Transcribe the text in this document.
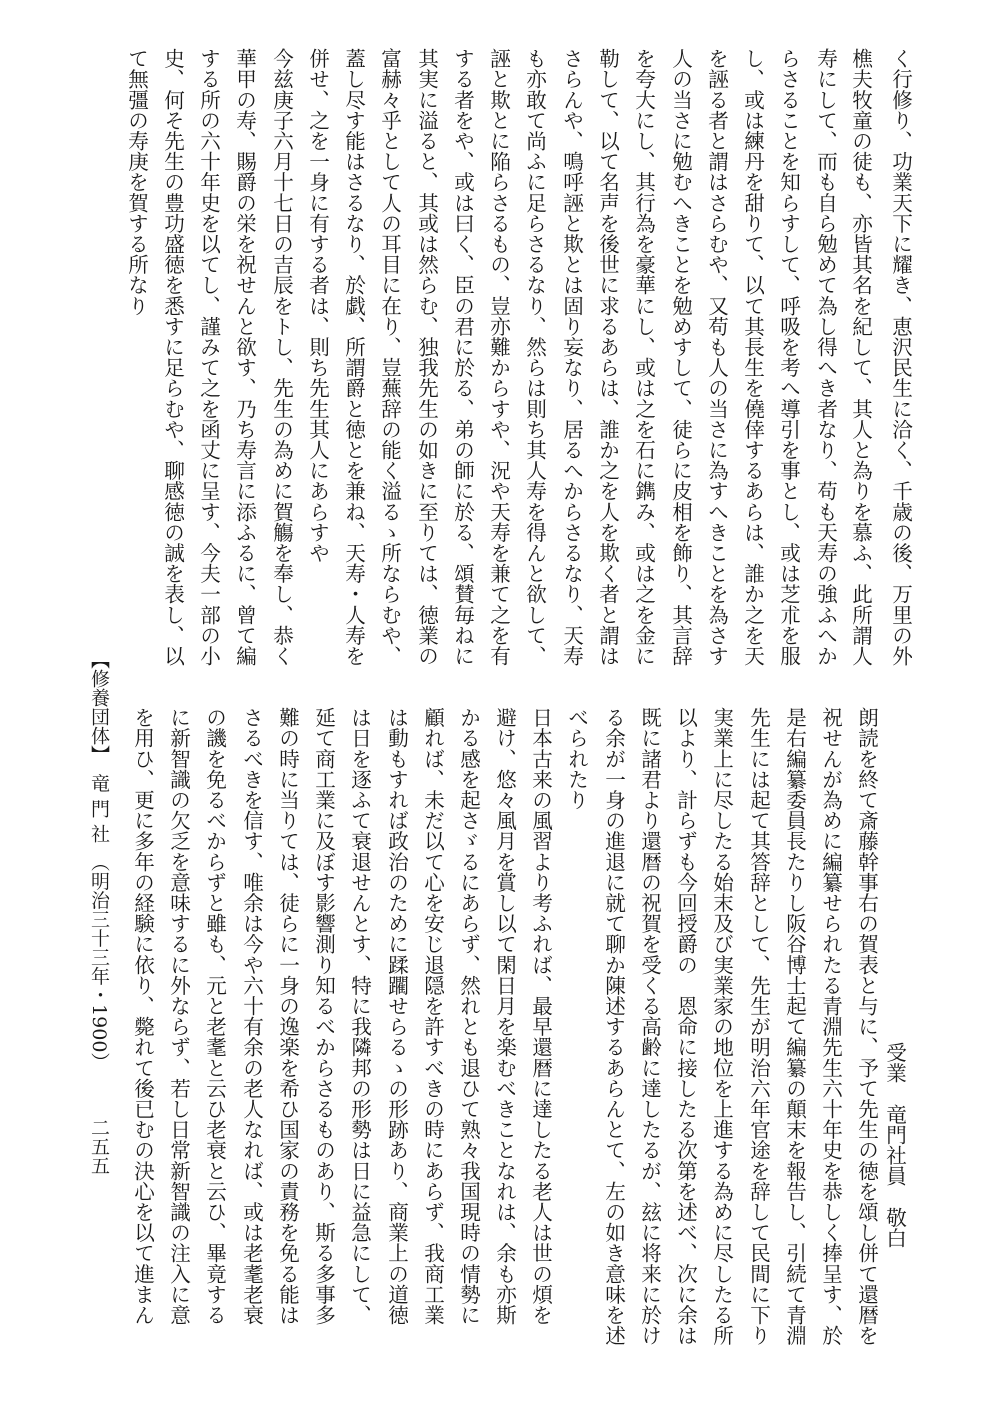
く行修り、功業天下に耀き、恵沢民生に洽く、千歳の後、万里の外
樵夫牧童の徒も、亦皆其名を紀して、其人と為りを慕ふ、此所謂人
寿にして、而も自ら勉めて為し得へき者なり、苟も天寿の強ふへか
らさることを知らすして、呼吸を考へ導引を事とし、或は芝朮を服
し、或は練丹を甜りて、以て其長生を僥倖するあらは、誰か之を天
を誣る者と謂はさらむや、又苟も人の当さに為すへきことを為さす
人の当さに勉むへきことを勉めすして、徒らに皮相を飾り、其言辞
を夸大にし、其行為を豪華にし、或は之を石に鐫み、或は之を金に
勒して、以て名声を後世に求るあらは、誰か之を人を欺く者と謂は
さらんや、鳴呼誣と欺とは固り妄なり、居るへからさるなり、天寿
も亦敢て尚ふに足らさるなり、然らは則ち其人寿を得んと欲して、
誣と欺とに陥らさるもの、豈亦難からすや、況や天寿を兼て之を有
する者をや、或は曰く、臣の君に於る、弟の師に於る、頌賛毎ねに
其実に溢ると、其或は然らむ、独我先生の如きに至りては、徳業の
富赫々乎として人の耳目に在り、豈蕪辞の能く溢るゝ所ならむや、
蓋し尽す能はさるなり、於戯、所謂爵と徳とを兼ね、天寿・人寿を
併せ、之を一身に有する者は、則ち先生其人にあらすや
今兹庚子六月十七日の吉辰をトし、先生の為めに賀觴を奉し、恭く
華甲の寿、賜爵の栄を祝せんと欲す、乃ち寿言に添ふるに、曾て編
する所の六十年史を以てし、謹みて之を函丈に呈す、今夫一部の小
史、何そ先生の豊功盛徳を悉すに足らむや、聊感徳の誠を表し、以
て無彊の寿庚を賀する所なり
【修養団体】　竜 門 社　（明治三十三年・1900）
受業　竜門社員　敬白
朗読を終て斎藤幹事右の賀表と与に、予て先生の徳を頌し併て還暦を
祝せんが為めに編纂せられたる青淵先生六十年史を恭しく捧呈す、於
是右編纂委員長たりし阪谷博士起て編纂の顛末を報告し、引続て青淵
先生には起て其答辞として、先生が明治六年官途を辞して民間に下り
実業上に尽したる始末及び実業家の地位を上進する為めに尽したる所
以より、計らずも今回授爵の　恩命に接したる次第を述べ、次に余は
既に諸君より還暦の祝賀を受くる高齢に達したるが、玆に将来に於け
る余が一身の進退に就て聊か陳述するあらんとて、左の如き意味を述
べられたり
日本古来の風習より考ふれば、最早還暦に達したる老人は世の煩を
避け、悠々風月を賞し以て閑日月を楽むべきことなれは、余も亦斯
かる感を起さゞるにあらず、然れとも退ひて熟々我国現時の情勢に
顧れば、未だ以て心を安じ退隠を許すべきの時にあらず、我商工業
は動もすれば政治のために蹂躙せらるゝの形跡あり、商業上の道徳
は日を逐ふて衰退せんとす、特に我隣邦の形勢は日に益急にして、
延て商工業に及ぼす影響測り知るべからさるものあり、斯る多事多
難の時に当りては、徒らに一身の逸楽を希ひ国家の責務を免る能は
さるべきを信す、唯余は今や六十有余の老人なれば、或は老耄老衰
の譏を免るべからずと雖も、元と老耄と云ひ老衰と云ひ、畢竟する
に新智識の欠乏を意味するに外ならず、若し日常新智識の注入に意
を用ひ、更に多年の経験に依り、斃れて後已むの決心を以て進まん
二五五
